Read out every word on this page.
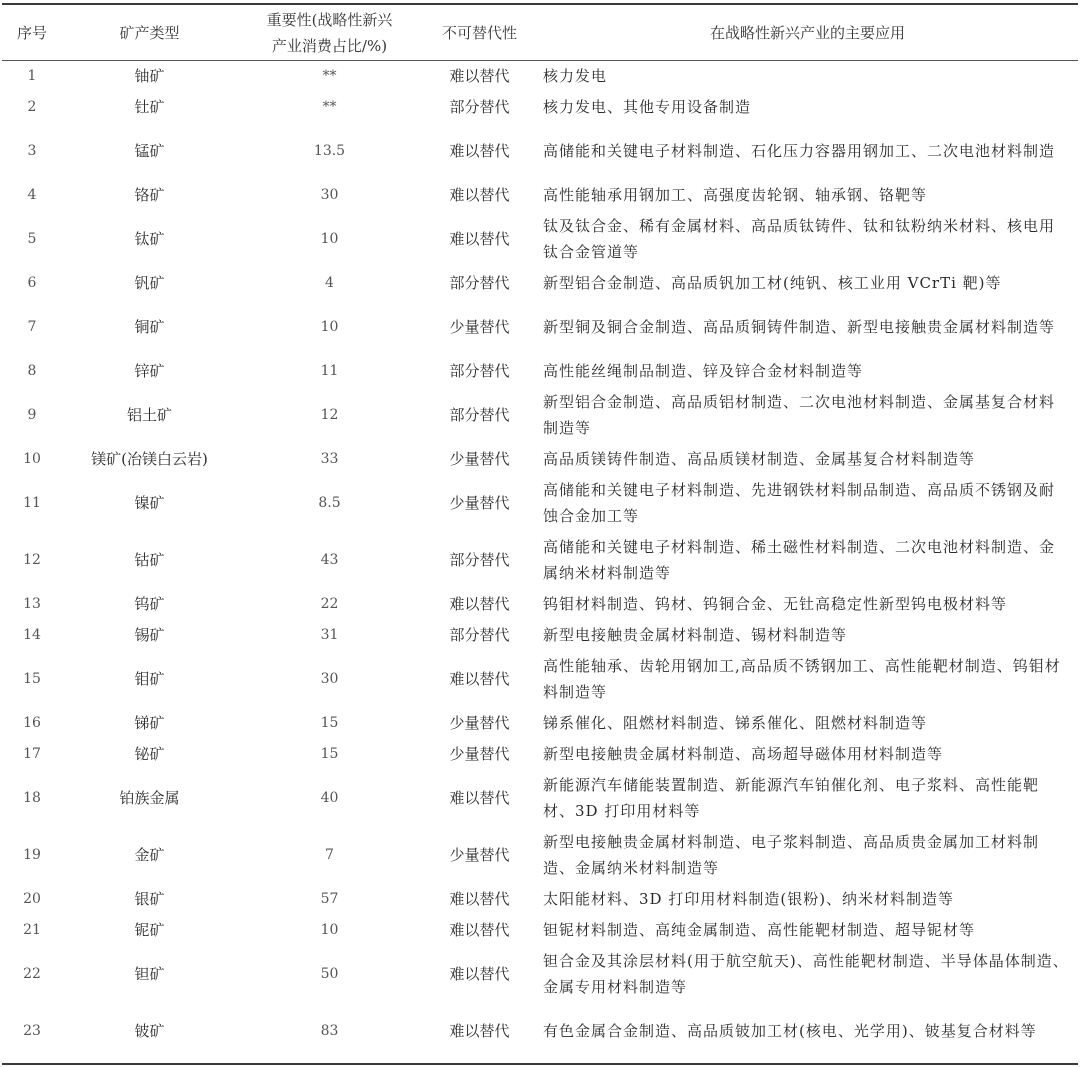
序号	矿产类型	重要性(战略性新兴
产业消费占比/%)	不可替代性	在战略性新兴产业的主要应用
1	铀矿	**	难以替代	核力发电
2	钍矿	**	部分替代	核力发电、其他专用设备制造
3	锰矿	13.5	难以替代	高储能和关键电子材料制造、石化压力容器用钢加工、二次电池材料制造
4	铬矿	30	难以替代	高性能轴承用钢加工、高强度齿轮钢、轴承钢、铬靶等
5	钛矿	10	难以替代	钛及钛合金、稀有金属材料、高品质钛铸件、钛和钛粉纳米材料、核电用钛合金管道等
6	钒矿	4	部分替代	新型铝合金制造、高品质钒加工材(纯钒、核工业用 VCrTi 靶)等
7	铜矿	10	少量替代	新型铜及铜合金制造、高品质铜铸件制造、新型电接触贵金属材料制造等
8	锌矿	11	部分替代	高性能丝绳制品制造、锌及锌合金材料制造等
9	铝土矿	12	部分替代	新型铝合金制造、高品质铝材制造、二次电池材料制造、金属基复合材料制造等
10	镁矿(冶镁白云岩)	33	少量替代	高品质镁铸件制造、高品质镁材制造、金属基复合材料制造等
11	镍矿	8.5	少量替代	高储能和关键电子材料制造、先进钢铁材料制品制造、高品质不锈钢及耐蚀合金加工等
12	钴矿	43	部分替代	高储能和关键电子材料制造、稀土磁性材料制造、二次电池材料制造、金属纳米材料制造等
13	钨矿	22	难以替代	钨钼材料制造、钨材、钨铜合金、无钍高稳定性新型钨电极材料等
14	锡矿	31	部分替代	新型电接触贵金属材料制造、锡材料制造等
15	钼矿	30	难以替代	高性能轴承、齿轮用钢加工,高品质不锈钢加工、高性能靶材制造、钨钼材料制造等
16	锑矿	15	少量替代	锑系催化、阻燃材料制造、锑系催化、阻燃材料制造等
17	铋矿	15	少量替代	新型电接触贵金属材料制造、高场超导磁体用材料制造等
18	铂族金属	40	难以替代	新能源汽车储能装置制造、新能源汽车铂催化剂、电子浆料、高性能靶材、3D 打印用材料等
19	金矿	7	少量替代	新型电接触贵金属材料制造、电子浆料制造、高品质贵金属加工材料制造、金属纳米材料制造等
20	银矿	57	难以替代	太阳能材料、3D 打印用材料制造(银粉)、纳米材料制造等
21	铌矿	10	难以替代	钽铌材料制造、高纯金属制造、高性能靶材制造、超导铌材等
22	钽矿	50	难以替代	钽合金及其涂层材料(用于航空航天)、高性能靶材制造、半导体晶体制造、金属专用材料制造等
23	铍矿	83	难以替代	有色金属合金制造、高品质铍加工材(核电、光学用)、铍基复合材料等
